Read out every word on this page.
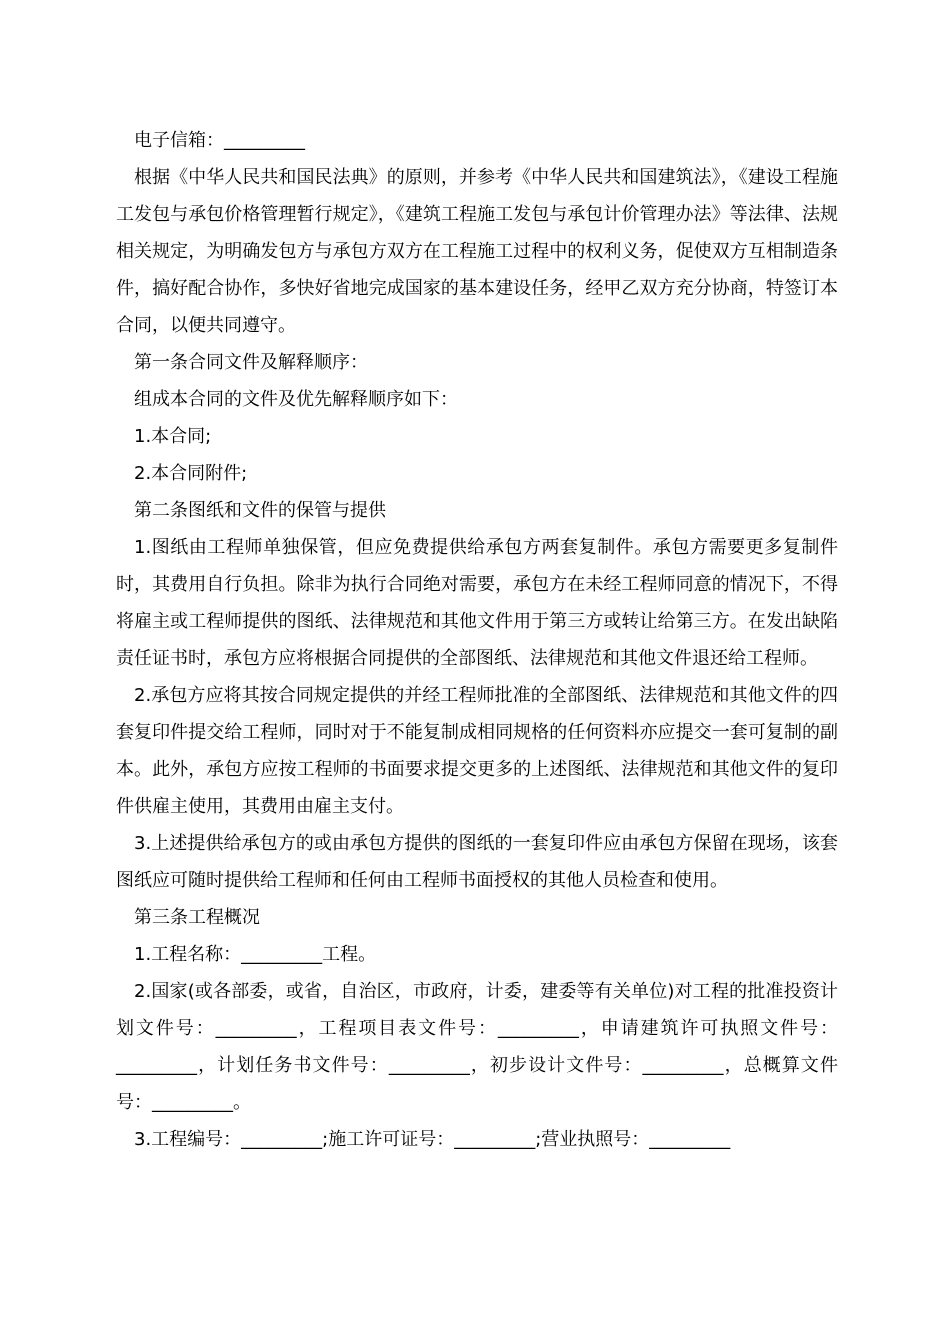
电子信箱：_________

根据《中华人民共和国民法典》的原则，并参考《中华人民共和国建筑法》，《建设工程施工发包与承包价格管理暂行规定》，《建筑工程施工发包与承包计价管理办法》等法律、法规相关规定，为明确发包方与承包方双方在工程施工过程中的权利义务，促使双方互相制造条件，搞好配合协作，多快好省地完成国家的基本建设任务，经甲乙双方充分协商，特签订本合同，以便共同遵守。

第一条合同文件及解释顺序：

组成本合同的文件及优先解释顺序如下：

1.本合同;

2.本合同附件;

第二条图纸和文件的保管与提供

1.图纸由工程师单独保管，但应免费提供给承包方两套复制件。承包方需要更多复制件时，其费用自行负担。除非为执行合同绝对需要，承包方在未经工程师同意的情况下，不得将雇主或工程师提供的图纸、法律规范和其他文件用于第三方或转让给第三方。在发出缺陷责任证书时，承包方应将根据合同提供的全部图纸、法律规范和其他文件退还给工程师。

2.承包方应将其按合同规定提供的并经工程师批准的全部图纸、法律规范和其他文件的四套复印件提交给工程师，同时对于不能复制成相同规格的任何资料亦应提交一套可复制的副本。此外，承包方应按工程师的书面要求提交更多的上述图纸、法律规范和其他文件的复印件供雇主使用，其费用由雇主支付。

3.上述提供给承包方的或由承包方提供的图纸的一套复印件应由承包方保留在现场，该套图纸应可随时提供给工程师和任何由工程师书面授权的其他人员检查和使用。

第三条工程概况

1.工程名称：_________工程。

2.国家(或各部委，或省，自治区，市政府，计委，建委等有关单位)对工程的批准投资计划文件号：_________，工程项目表文件号：_________，申请建筑许可执照文件号：_________，计划任务书文件号：_________，初步设计文件号：_________，总概算文件号：_________。

3.工程编号：_________;施工许可证号：_________;营业执照号：_________
